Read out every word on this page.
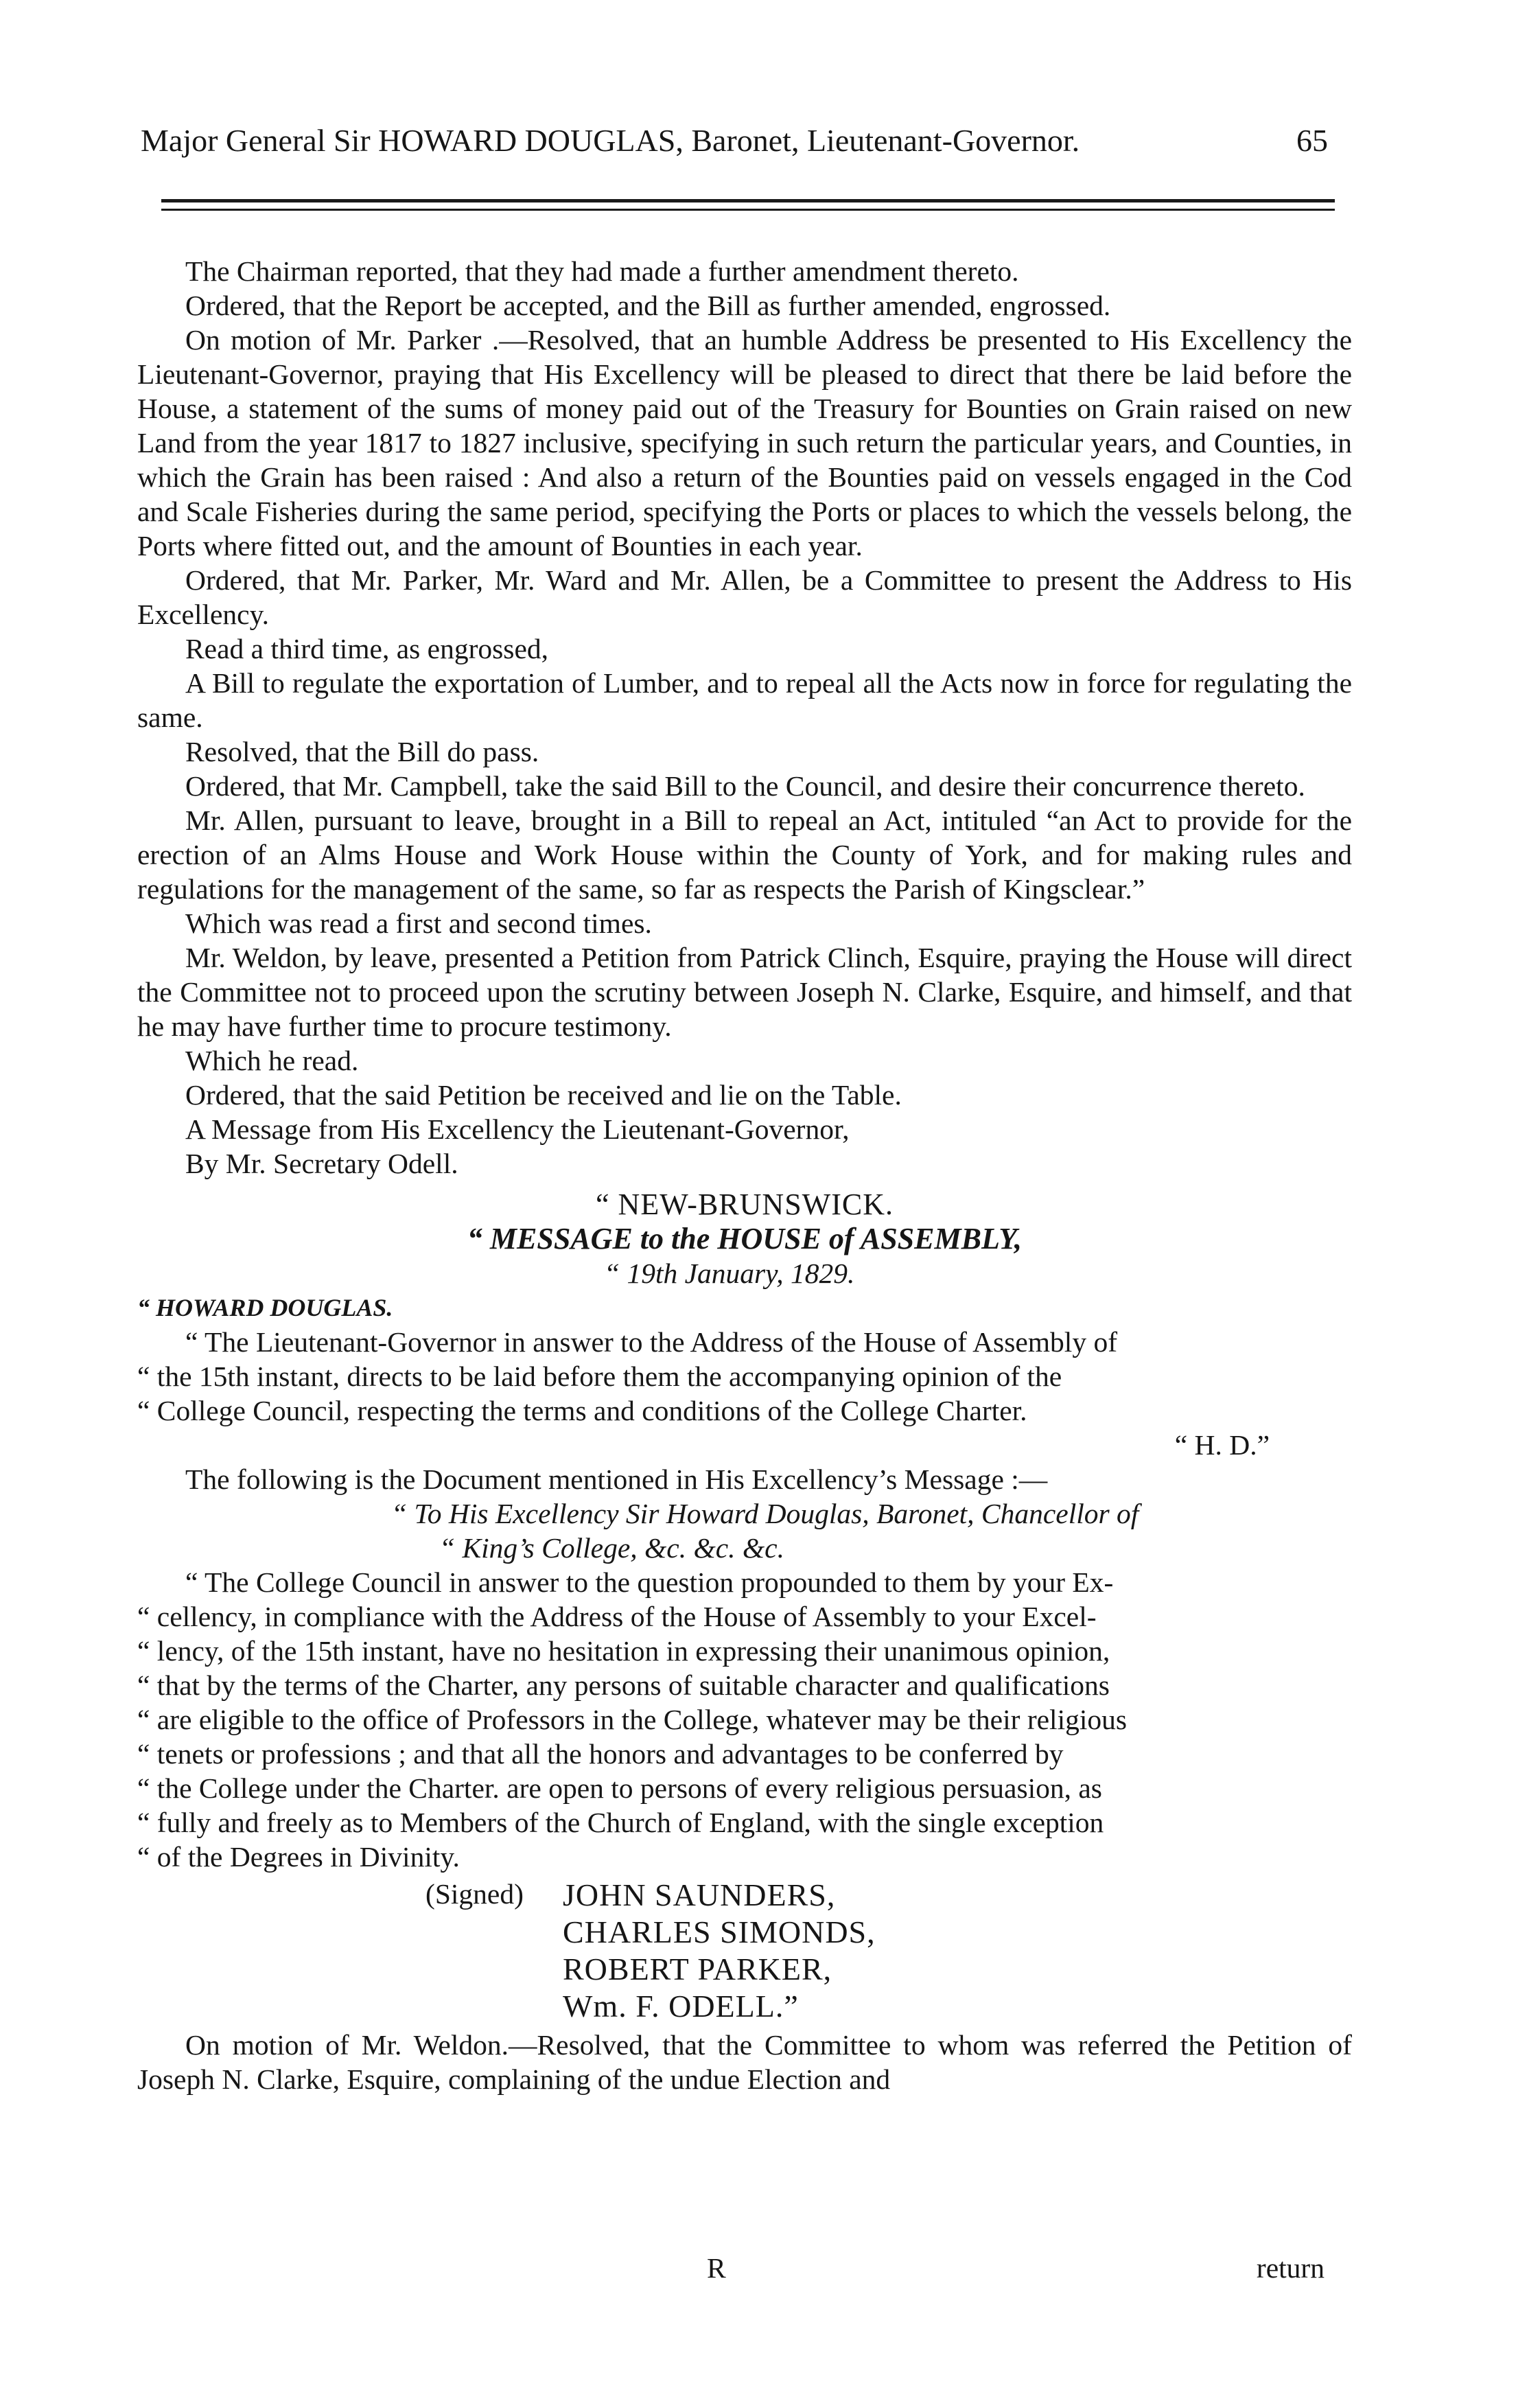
Major General Sir HOWARD DOUGLAS, Baronet, Lieutenant-Governor.	65

The Chairman reported, that they had made a further amendment thereto.

Ordered, that the Report be accepted, and the Bill as further amended, engrossed.

On motion of Mr. Parker .—Resolved, that an humble Address be presented to His Excellency the Lieutenant-Governor, praying that His Excellency will be pleased to direct that there be laid before the House, a statement of the sums of money paid out of the Treasury for Bounties on Grain raised on new Land from the year 1817 to 1827 inclusive, specifying in such return the particular years, and Counties, in which the Grain has been raised : And also a return of the Bounties paid on vessels engaged in the Cod and Scale Fisheries during the same period, specifying the Ports or places to which the vessels belong, the Ports where fitted out, and the amount of Bounties in each year.

Ordered, that Mr. Parker, Mr. Ward and Mr. Allen, be a Committee to present the Address to His Excellency.

Read a third time, as engrossed,

A Bill to regulate the exportation of Lumber, and to repeal all the Acts now in force for regulating the same.

Resolved, that the Bill do pass.

Ordered, that Mr. Campbell, take the said Bill to the Council, and desire their concurrence thereto.

Mr. Allen, pursuant to leave, brought in a Bill to repeal an Act, intituled “an Act to provide for the erection of an Alms House and Work House within the County of York, and for making rules and regulations for the management of the same, so far as respects the Parish of Kingsclear.”

Which was read a first and second times.

Mr. Weldon, by leave, presented a Petition from Patrick Clinch, Esquire, praying the House will direct the Committee not to proceed upon the scrutiny between Joseph N. Clarke, Esquire, and himself, and that he may have further time to procure testimony.

Which he read.

Ordered, that the said Petition be received and lie on the Table.

A Message from His Excellency the Lieutenant-Governor,

By Mr. Secretary Odell.

“ NEW-BRUNSWICK.

“ MESSAGE to the HOUSE of ASSEMBLY,

“ 19th January, 1829.

“ HOWARD DOUGLAS.

“ The Lieutenant-Governor in answer to the Address of the House of Assembly of

“ the 15th instant, directs to be laid before them the accompanying opinion of the

“ College Council, respecting the terms and conditions of the College Charter.

“ H. D.”

The following is the Document mentioned in His Excellency’s Message :—

“ To His Excellency Sir Howard Douglas, Baronet, Chancellor of

“ King’s College, &c. &c. &c.

“ The College Council in answer to the question propounded to them by your Ex-

“ cellency, in compliance with the Address of the House of Assembly to your Excel-

“ lency, of the 15th instant, have no hesitation in expressing their unanimous opinion,

“ that by the terms of the Charter, any persons of suitable character and qualifications

“ are eligible to the office of Professors in the College, whatever may be their religious

“ tenets or professions ; and that all the honors and advantages to be conferred by

“ the College under the Charter. are open to persons of every religious persuasion, as

“ fully and freely as to Members of the Church of England, with the single exception

“ of the Degrees in Divinity.

(Signed)	JOHN SAUNDERS,
CHARLES SIMONDS,
ROBERT PARKER,
Wm. F. ODELL.”

On motion of Mr. Weldon.—Resolved, that the Committee to whom was referred the Petition of Joseph N. Clarke, Esquire, complaining of the undue Election and

R	return
